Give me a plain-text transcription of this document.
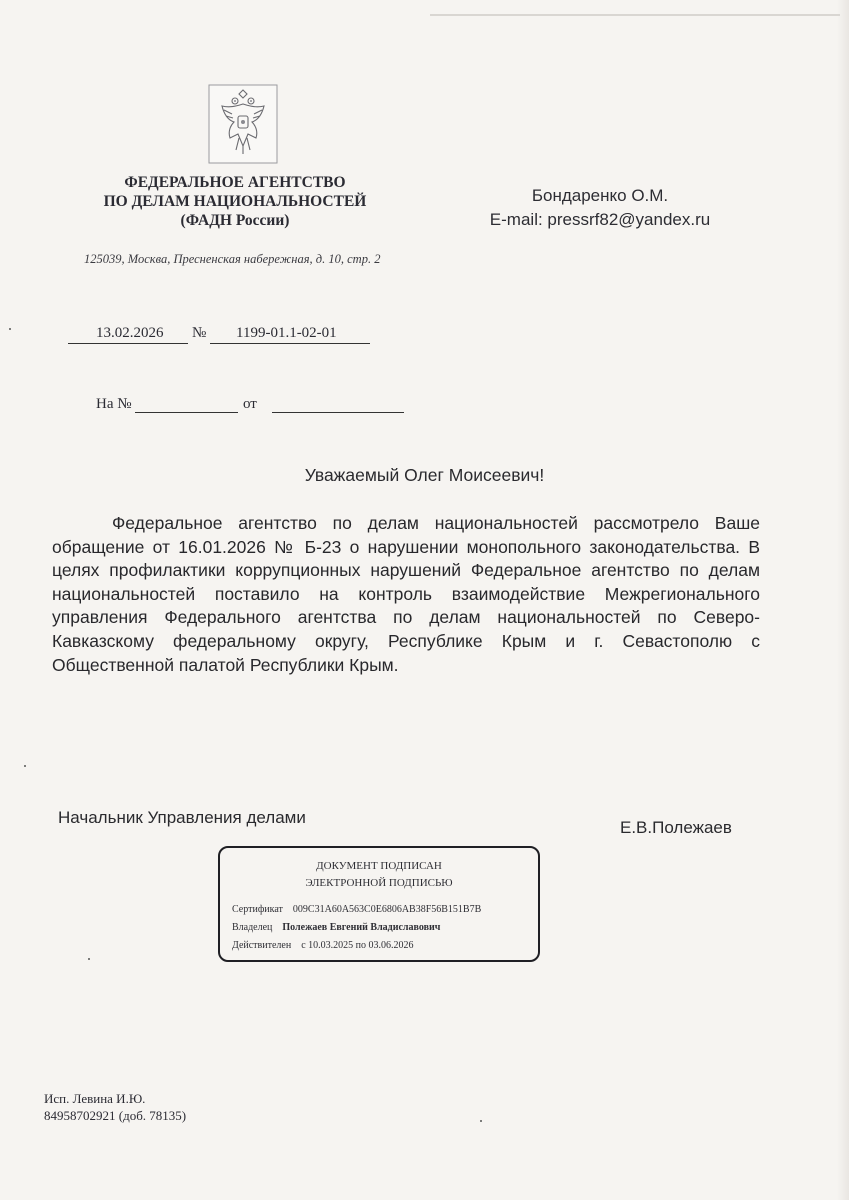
ФЕДЕРАЛЬНОЕ АГЕНТСТВО
ПО ДЕЛАМ НАЦИОНАЛЬНОСТЕЙ
(ФАДН России)
125039, Москва, Пресненская набережная, д. 10, стр. 2
Бондаренко О.М.
E-mail: pressrf82@yandex.ru
13.02.2026 № 1199-01.1-02-01
На №	от
Уважаемый Олег Моисеевич!
Федеральное агентство по делам национальностей рассмотрело Ваше обращение от 16.01.2026 № Б-23 о нарушении монопольного законодательства. В целях профилактики коррупционных нарушений Федеральное агентство по делам национальностей поставило на контроль взаимодействие Межрегионального управления Федерального агентства по делам национальностей по Северо-Кавказскому федеральному округу, Республике Крым и г. Севастополю с Общественной палатой Республики Крым.
Начальник Управления делами
Е.В.Полежаев
ДОКУМЕНТ ПОДПИСАН
ЭЛЕКТРОННОЙ ПОДПИСЬЮ
Сертификат 009C31A60A563C0E6806AB38F56B151B7B
Владелец Полежаев Евгений Владиславович
Действителен с 10.03.2025 по 03.06.2026
Исп. Левина И.Ю.
84958702921 (доб. 78135)
